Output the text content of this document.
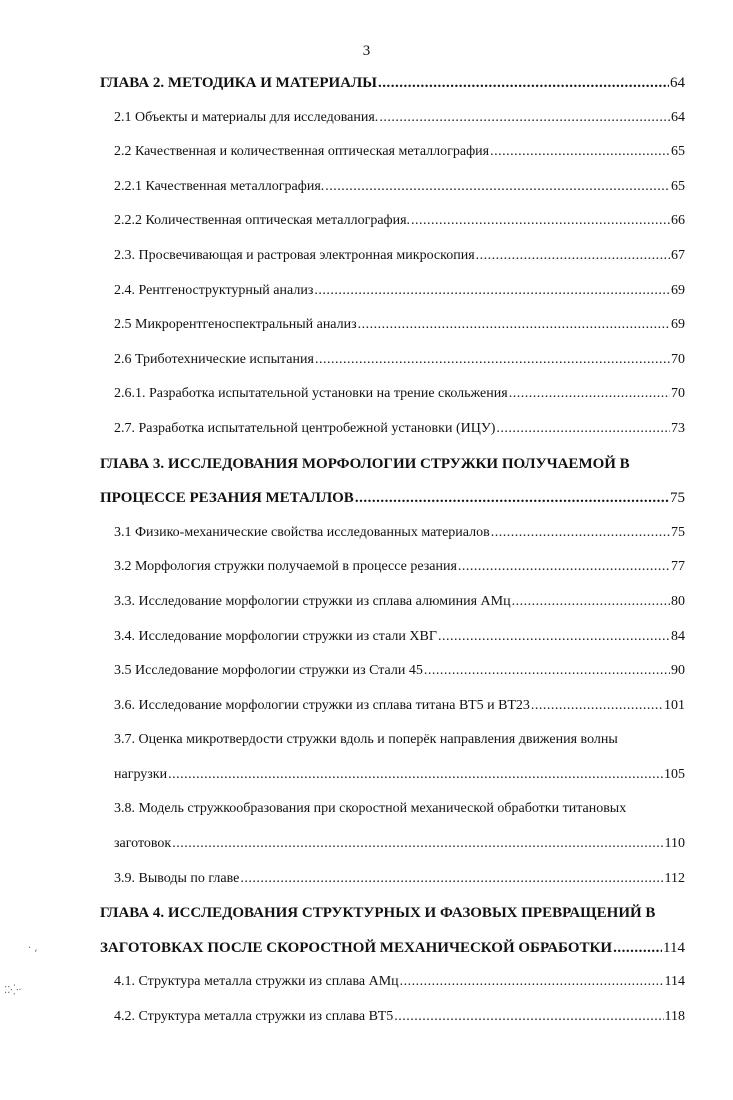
3
ГЛАВА 2. МЕТОДИКА И МАТЕРИАЛЫ .....	64
2.1 Объекты и материалы для исследования. .....	64
2.2 Качественная и количественная оптическая металлография .....	65
2.2.1 Качественная металлография. .....	65
2.2.2 Количественная оптическая металлография. .....	66
2.3. Просвечивающая и растровая электронная микроскопия .....	67
2.4. Рентгеноструктурный анализ .....	69
2.5 Микрорентгеноспектральный анализ .....	69
2.6 Триботехнические испытания .....	70
2.6.1. Разработка испытательной установки на трение скольжения .....	70
2.7. Разработка испытательной центробежной установки (ИЦУ) .....	73
ГЛАВА 3. ИССЛЕДОВАНИЯ МОРФОЛОГИИ СТРУЖКИ ПОЛУЧАЕМОЙ В
ПРОЦЕССЕ РЕЗАНИЯ МЕТАЛЛОВ .....	75
3.1 Физико-механические свойства исследованных материалов .....	75
3.2 Морфология стружки получаемой в процессе резания .....	77
3.3. Исследование морфологии стружки из сплава алюминия АМц .....	80
3.4. Исследование морфологии стружки из стали ХВГ .....	84
3.5 Исследование морфологии стружки из Стали 45 .....	90
3.6. Исследование морфологии стружки из сплава титана ВТ5 и ВТ23 .....	101
3.7. Оценка микротвердости стружки вдоль и поперёк направления движения волны
нагрузки .....	105
3.8. Модель стружкообразования при скоростной механической обработки титановых
заготовок .....	110
3.9. Выводы по главе .....	112
ГЛАВА 4. ИССЛЕДОВАНИЯ СТРУКТУРНЫХ И ФАЗОВЫХ ПРЕВРАЩЕНИЙ В
ЗАГОТОВКАХ ПОСЛЕ СКОРОСТНОЙ МЕХАНИЧЕСКОЙ ОБРАБОТКИ .....	114
4.1. Структура металла стружки из сплава АМц .....	114
4.2. Структура металла стружки из сплава ВТ5 .....	118
· ,
⁚⁚⁛·
